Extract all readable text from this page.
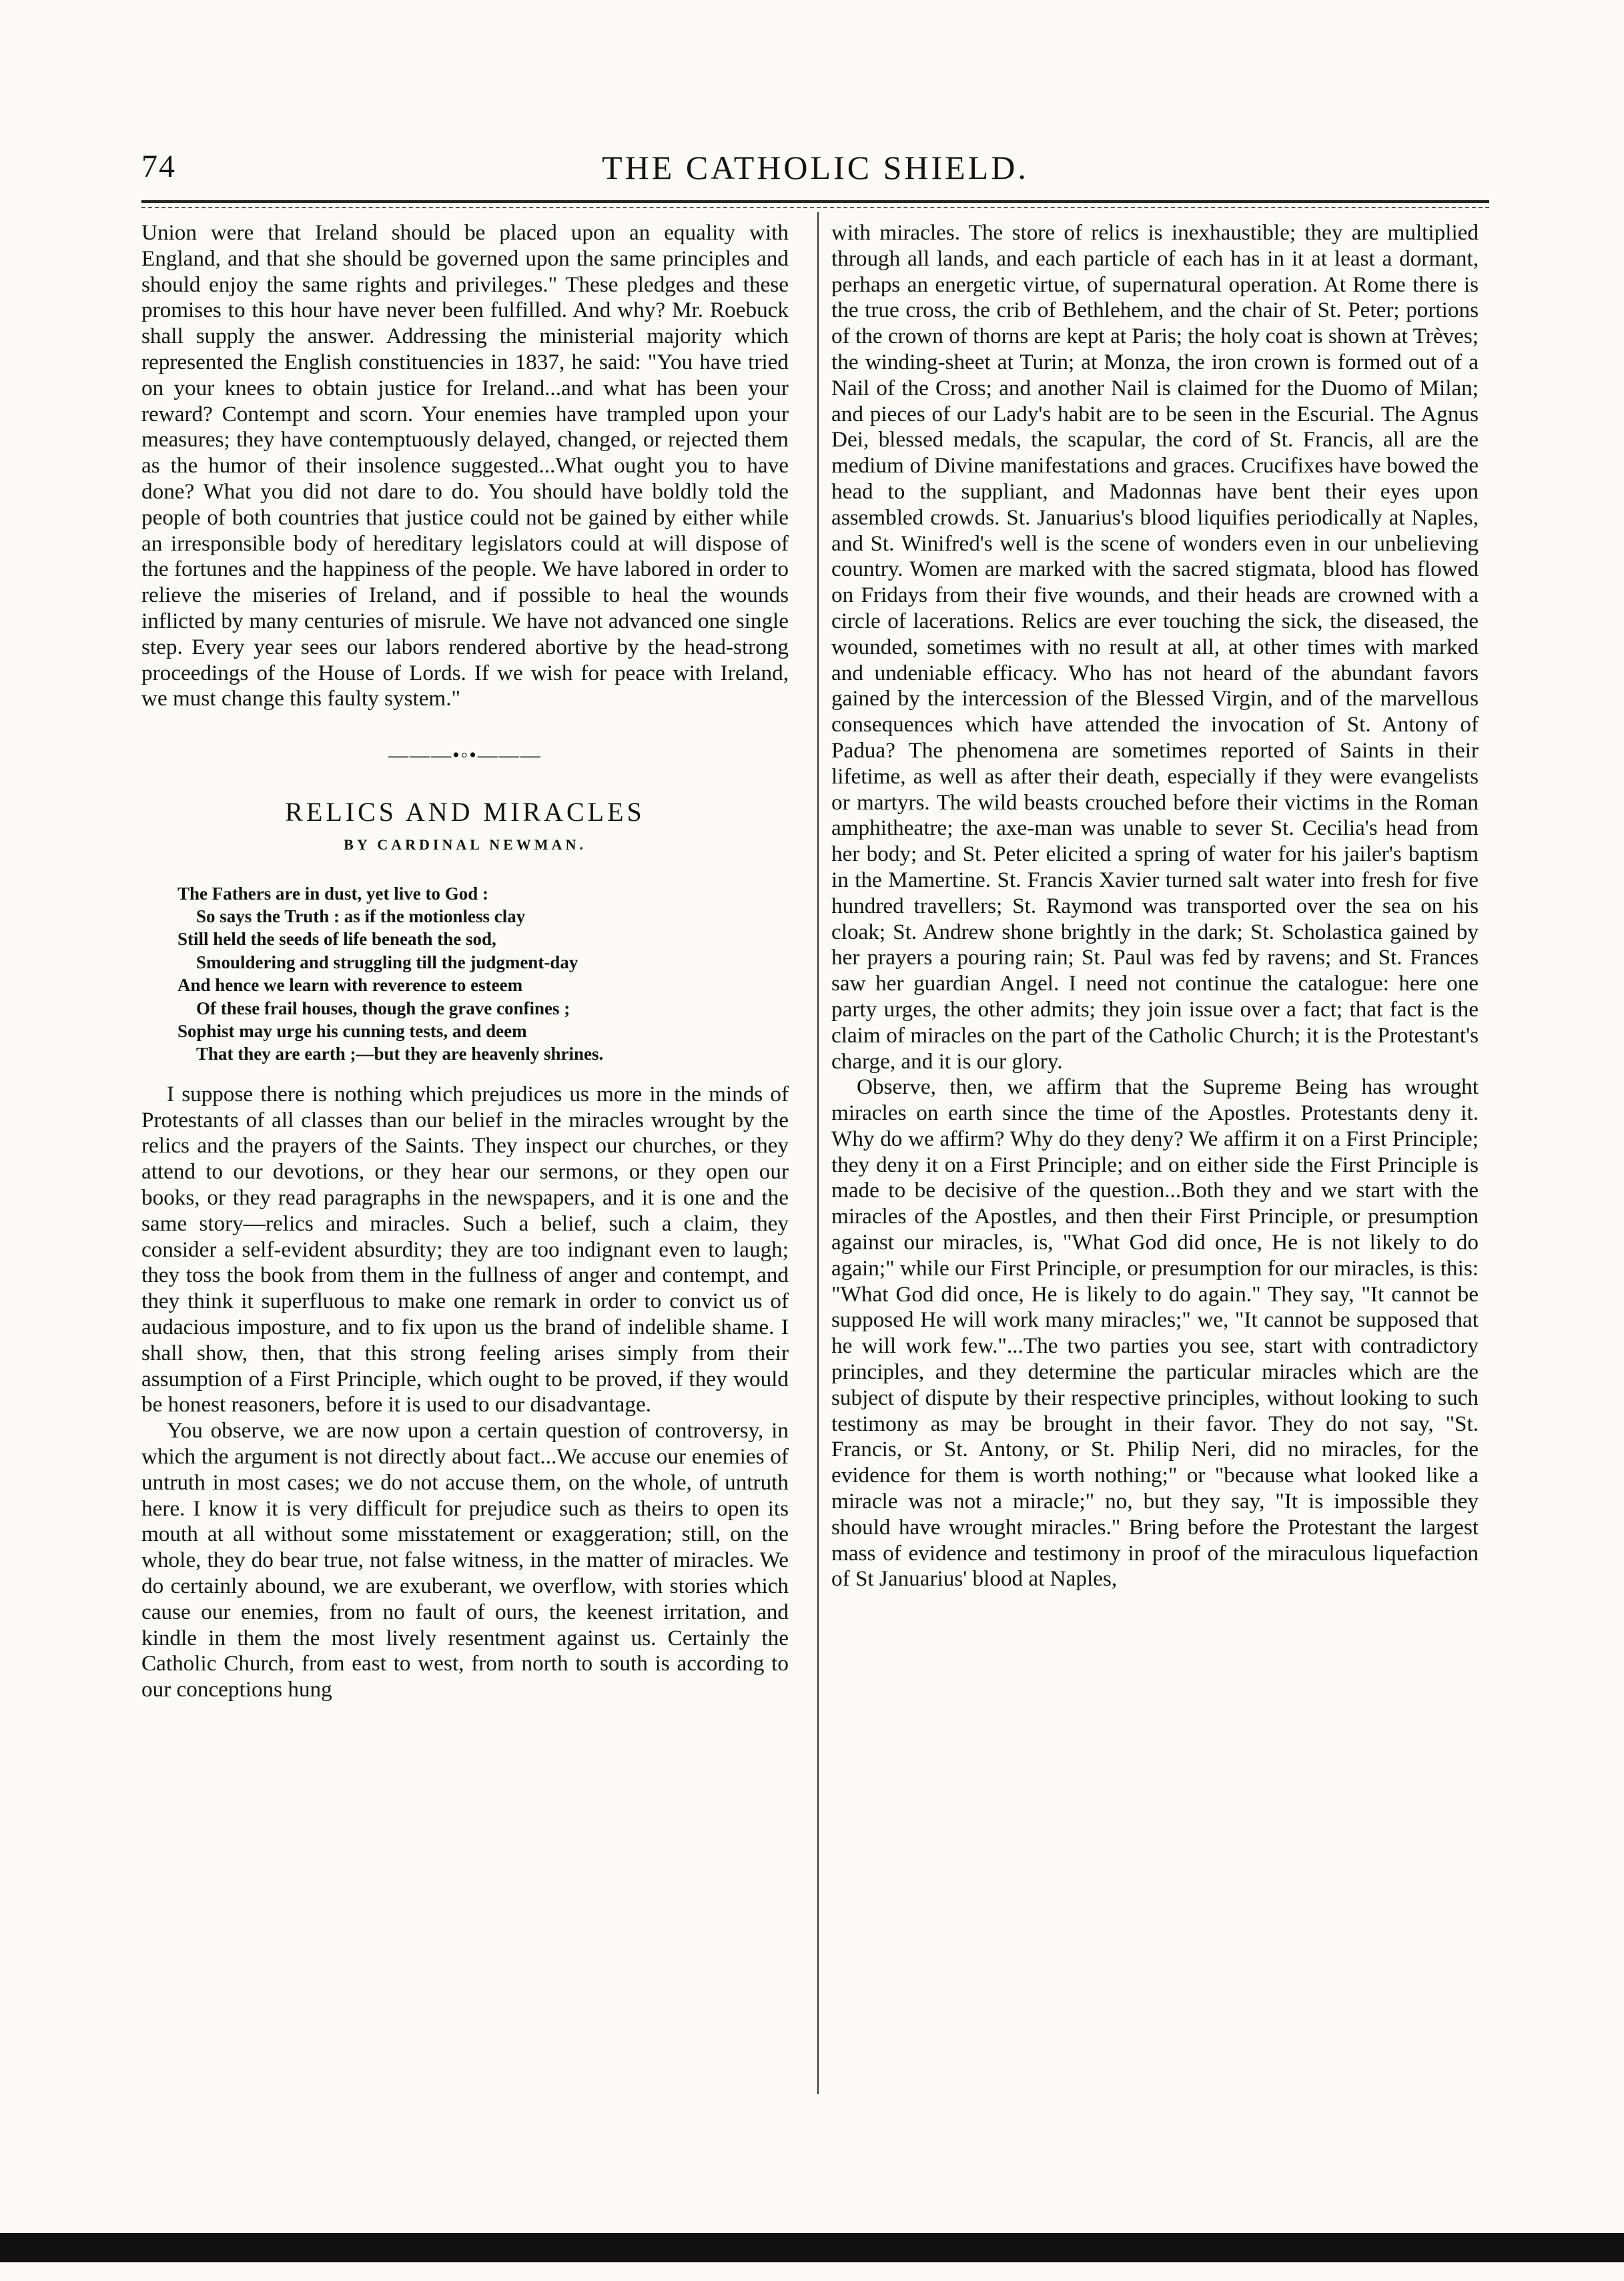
74	THE CATHOLIC SHIELD.

Union were that Ireland should be placed upon an equality with England, and that she should be governed upon the same principles and should enjoy the same rights and privileges." These pledges and these promises to this hour have never been fulfilled. And why? Mr. Roebuck shall supply the answer. Addressing the ministerial majority which represented the English constituencies in 1837, he said: "You have tried on your knees to obtain justice for Ireland...and what has been your reward? Contempt and scorn. Your enemies have trampled upon your measures; they have contemptuously delayed, changed, or rejected them as the humor of their insolence suggested...What ought you to have done? What you did not dare to do. You should have boldly told the people of both countries that justice could not be gained by either while an irresponsible body of hereditary legislators could at will dispose of the fortunes and the happiness of the people. We have labored in order to relieve the miseries of Ireland, and if possible to heal the wounds inflicted by many centuries of misrule. We have not advanced one single step. Every year sees our labors rendered abortive by the head-strong proceedings of the House of Lords. If we wish for peace with Ireland, we must change this faulty system."

———•◦•———
RELICS AND MIRACLES
BY CARDINAL NEWMAN.
The Fathers are in dust, yet live to God :
So says the Truth : as if the motionless clay
Still held the seeds of life beneath the sod,
Smouldering and struggling till the judgment-day
And hence we learn with reverence to esteem
Of these frail houses, though the grave confines ;
Sophist may urge his cunning tests, and deem
That they are earth ;—but they are heavenly shrines.

I suppose there is nothing which prejudices us more in the minds of Protestants of all classes than our belief in the miracles wrought by the relics and the prayers of the Saints. They inspect our churches, or they attend to our devotions, or they hear our sermons, or they open our books, or they read paragraphs in the newspapers, and it is one and the same story—relics and miracles. Such a belief, such a claim, they consider a self-evident absurdity; they are too indignant even to laugh; they toss the book from them in the fullness of anger and contempt, and they think it superfluous to make one remark in order to convict us of audacious imposture, and to fix upon us the brand of indelible shame. I shall show, then, that this strong feeling arises simply from their assumption of a First Principle, which ought to be proved, if they would be honest reasoners, before it is used to our disadvantage.

You observe, we are now upon a certain question of controversy, in which the argument is not directly about fact...We accuse our enemies of untruth in most cases; we do not accuse them, on the whole, of untruth here. I know it is very difficult for prejudice such as theirs to open its mouth at all without some misstatement or exaggeration; still, on the whole, they do bear true, not false witness, in the matter of miracles. We do certainly abound, we are exuberant, we overflow, with stories which cause our enemies, from no fault of ours, the keenest irritation, and kindle in them the most lively resentment against us. Certainly the Catholic Church, from east to west, from north to south is according to our conceptions hung

with miracles. The store of relics is inexhaustible; they are multiplied through all lands, and each particle of each has in it at least a dormant, perhaps an energetic virtue, of supernatural operation. At Rome there is the true cross, the crib of Bethlehem, and the chair of St. Peter; portions of the crown of thorns are kept at Paris; the holy coat is shown at Trèves; the winding-sheet at Turin; at Monza, the iron crown is formed out of a Nail of the Cross; and another Nail is claimed for the Duomo of Milan; and pieces of our Lady's habit are to be seen in the Escurial. The Agnus Dei, blessed medals, the scapular, the cord of St. Francis, all are the medium of Divine manifestations and graces. Crucifixes have bowed the head to the suppliant, and Madonnas have bent their eyes upon assembled crowds. St. Januarius's blood liquifies periodically at Naples, and St. Winifred's well is the scene of wonders even in our unbelieving country. Women are marked with the sacred stigmata, blood has flowed on Fridays from their five wounds, and their heads are crowned with a circle of lacerations. Relics are ever touching the sick, the diseased, the wounded, sometimes with no result at all, at other times with marked and undeniable efficacy. Who has not heard of the abundant favors gained by the intercession of the Blessed Virgin, and of the marvellous consequences which have attended the invocation of St. Antony of Padua? The phenomena are sometimes reported of Saints in their lifetime, as well as after their death, especially if they were evangelists or martyrs. The wild beasts crouched before their victims in the Roman amphitheatre; the axe-man was unable to sever St. Cecilia's head from her body; and St. Peter elicited a spring of water for his jailer's baptism in the Mamertine. St. Francis Xavier turned salt water into fresh for five hundred travellers; St. Raymond was transported over the sea on his cloak; St. Andrew shone brightly in the dark; St. Scholastica gained by her prayers a pouring rain; St. Paul was fed by ravens; and St. Frances saw her guardian Angel. I need not continue the catalogue: here one party urges, the other admits; they join issue over a fact; that fact is the claim of miracles on the part of the Catholic Church; it is the Protestant's charge, and it is our glory.

Observe, then, we affirm that the Supreme Being has wrought miracles on earth since the time of the Apostles. Protestants deny it. Why do we affirm? Why do they deny? We affirm it on a First Principle; they deny it on a First Principle; and on either side the First Principle is made to be decisive of the question...Both they and we start with the miracles of the Apostles, and then their First Principle, or presumption against our miracles, is, "What God did once, He is not likely to do again;" while our First Principle, or presumption for our miracles, is this: "What God did once, He is likely to do again." They say, "It cannot be supposed He will work many miracles;" we, "It cannot be supposed that he will work few."...The two parties you see, start with contradictory principles, and they determine the particular miracles which are the subject of dispute by their respective principles, without looking to such testimony as may be brought in their favor. They do not say, "St. Francis, or St. Antony, or St. Philip Neri, did no miracles, for the evidence for them is worth nothing;" or "because what looked like a miracle was not a miracle;" no, but they say, "It is impossible they should have wrought miracles." Bring before the Protestant the largest mass of evidence and testimony in proof of the miraculous liquefaction of St Januarius' blood at Naples,
